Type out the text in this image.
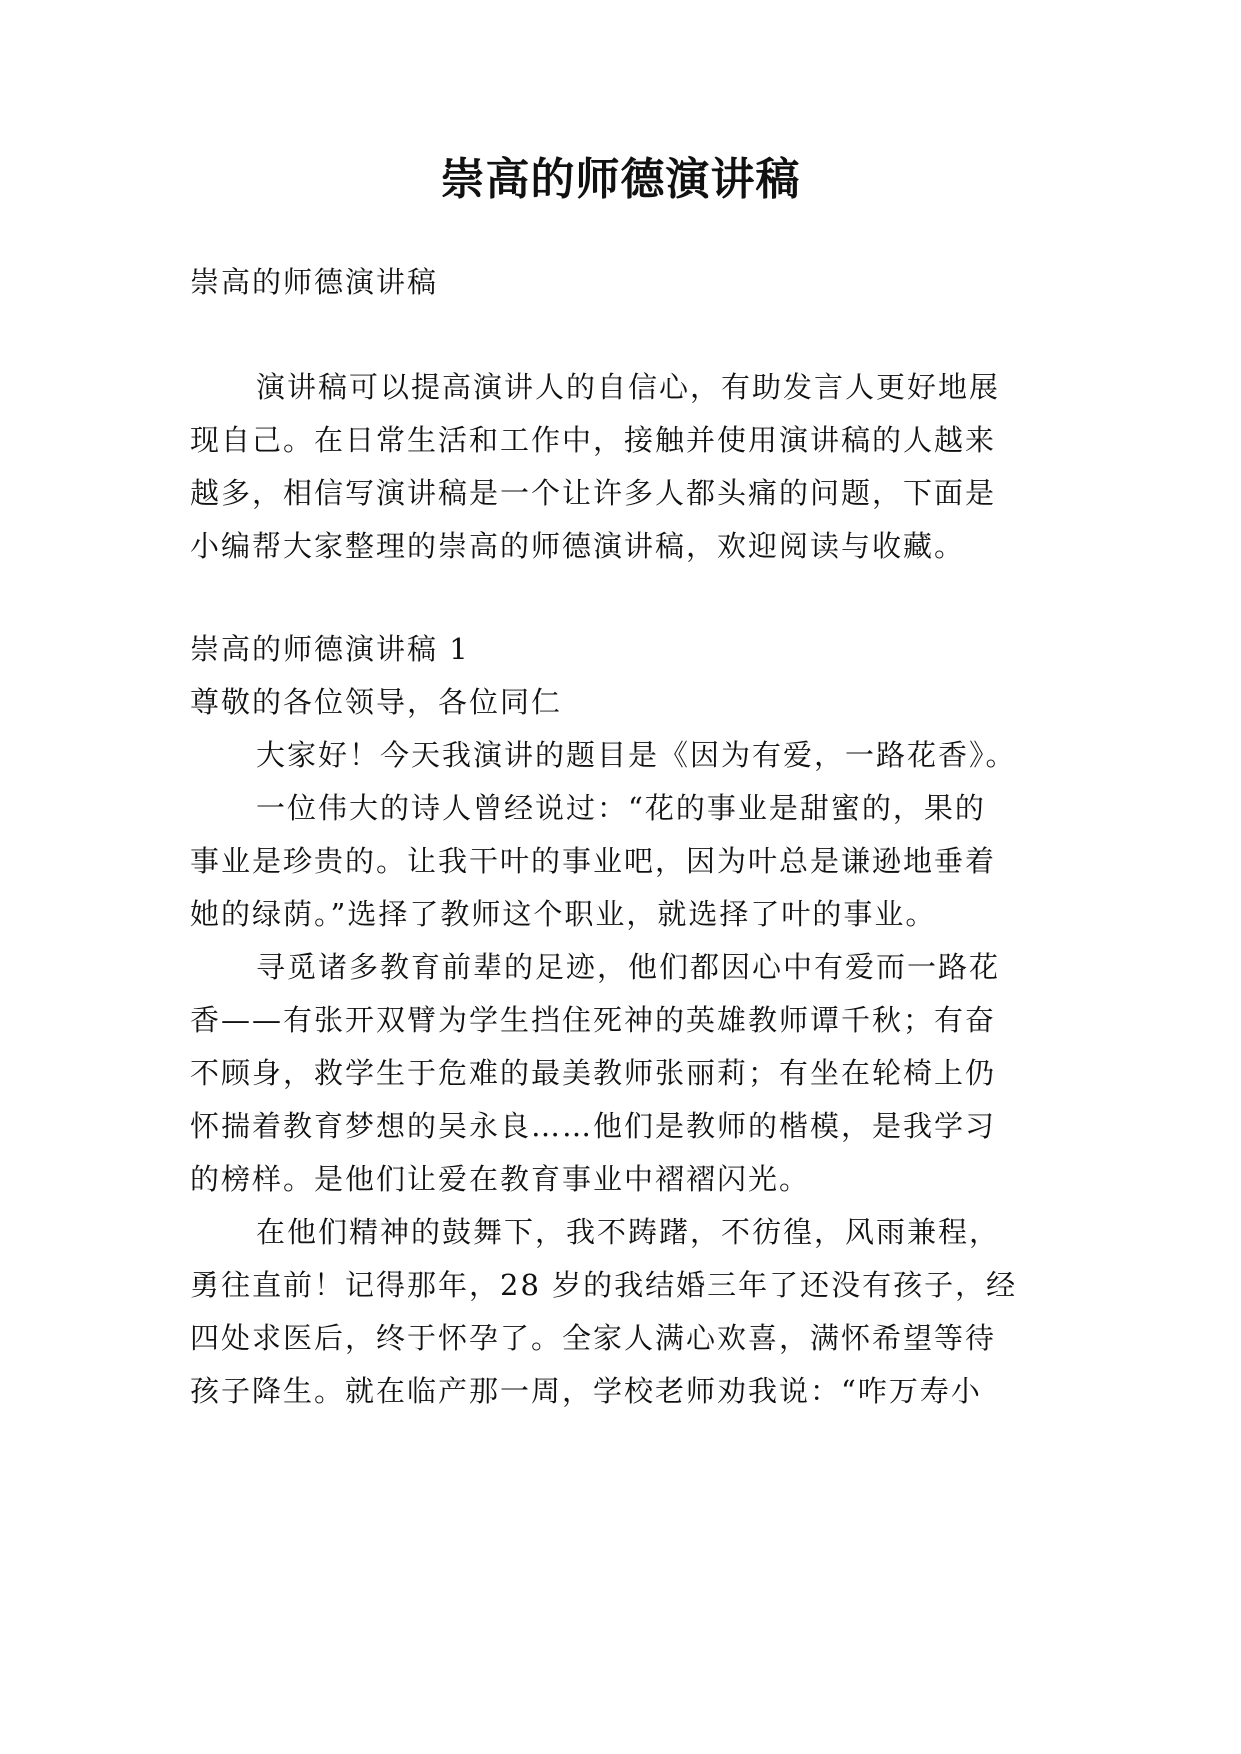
崇高的师德演讲稿
崇高的师德演讲稿
演讲稿可以提高演讲人的自信心，有助发言人更好地展
现自己。在日常生活和工作中，接触并使用演讲稿的人越来
越多，相信写演讲稿是一个让许多人都头痛的问题，下面是
小编帮大家整理的崇高的师德演讲稿，欢迎阅读与收藏。
崇高的师德演讲稿 1
尊敬的各位领导，各位同仁
大家好！今天我演讲的题目是《因为有爱，一路花香》。
一位伟大的诗人曾经说过：“花的事业是甜蜜的，果的
事业是珍贵的。让我干叶的事业吧，因为叶总是谦逊地垂着
她的绿荫。”选择了教师这个职业，就选择了叶的事业。
寻觅诸多教育前辈的足迹，他们都因心中有爱而一路花
香——有张开双臂为学生挡住死神的英雄教师谭千秋；有奋
不顾身，救学生于危难的最美教师张丽莉；有坐在轮椅上仍
怀揣着教育梦想的吴永良……他们是教师的楷模，是我学习
的榜样。是他们让爱在教育事业中褶褶闪光。
在他们精神的鼓舞下，我不踌躇，不彷徨，风雨兼程，
勇往直前！记得那年，28 岁的我结婚三年了还没有孩子，经
四处求医后，终于怀孕了。全家人满心欢喜，满怀希望等待
孩子降生。就在临产那一周，学校老师劝我说：“咋万寿小
